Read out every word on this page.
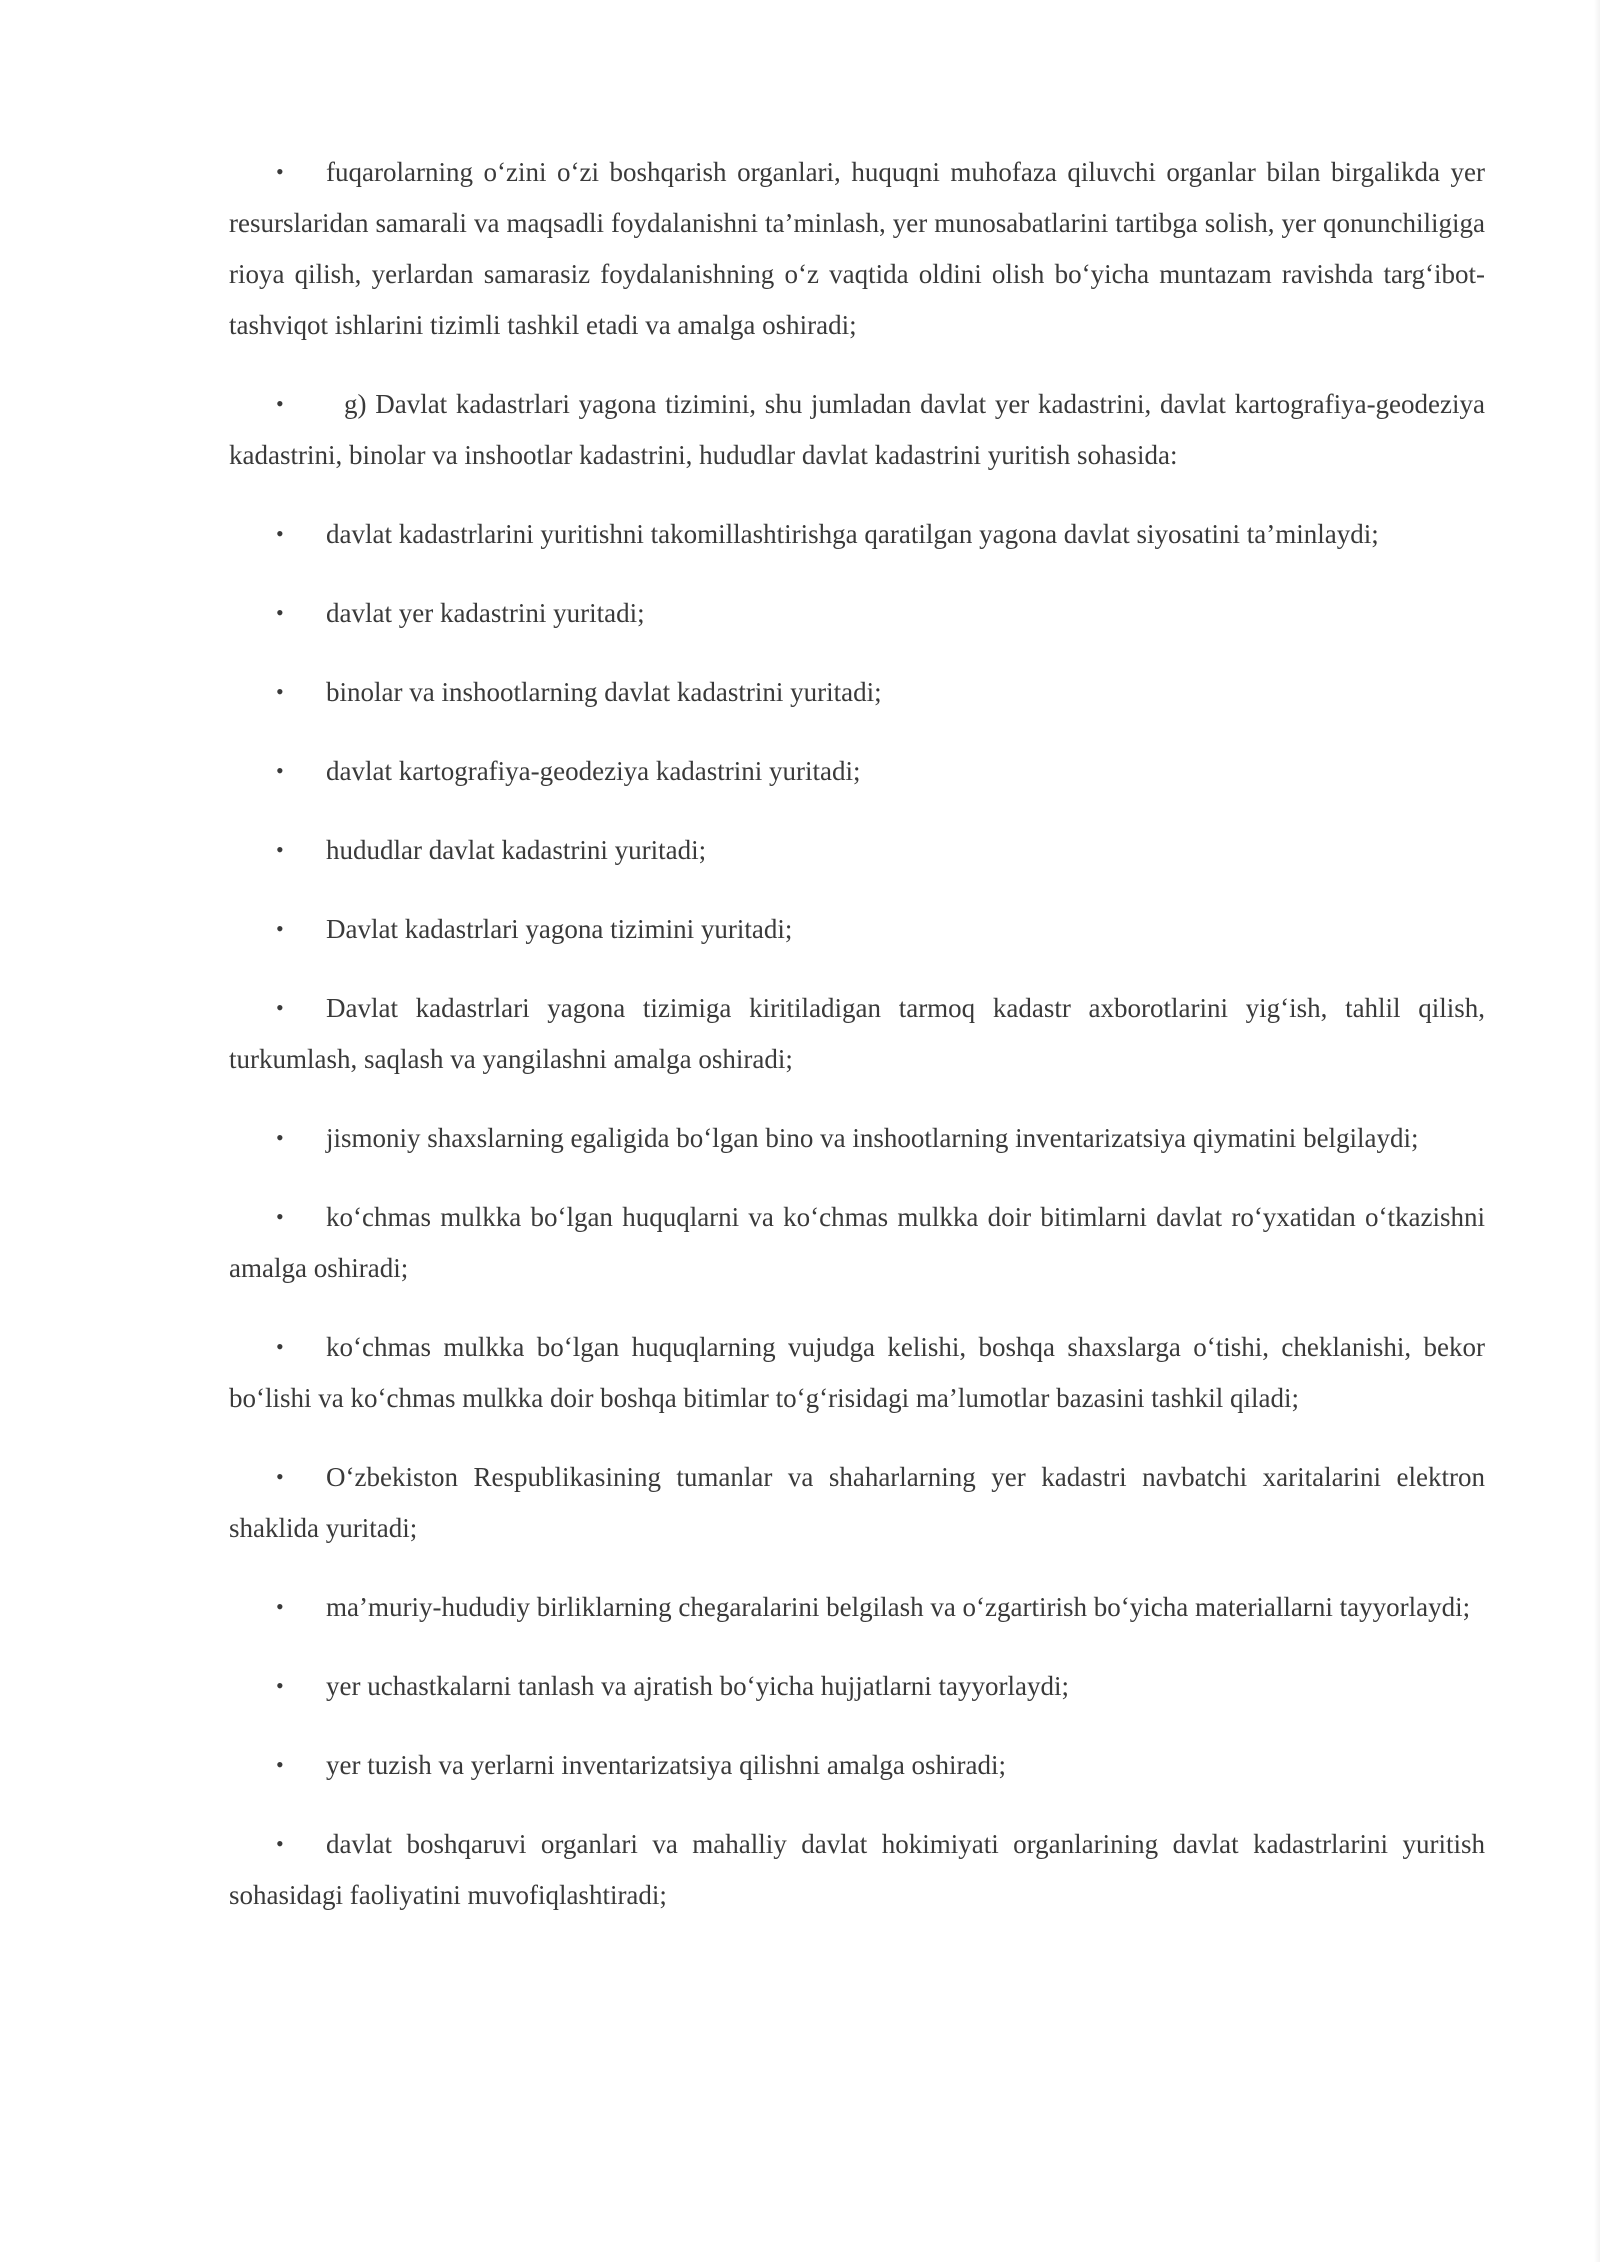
• fuqarolarning o‘zini o‘zi boshqarish organlari, huquqni muhofaza qiluvchi organlar bilan birgalikda yer resurslaridan samarali va maqsadli foydalanishni ta’minlash, yer munosabatlarini tartibga solish, yer qonunchiligiga rioya qilish, yerlardan samarasiz foydalanishning o‘z vaqtida oldini olish bo‘yicha muntazam ravishda targ‘ibot-tashviqot ishlarini tizimli tashkil etadi va amalga oshiradi;

• g) Davlat kadastrlari yagona tizimini, shu jumladan davlat yer kadastrini, davlat kartografiya-geodeziya kadastrini, binolar va inshootlar kadastrini, hududlar davlat kadastrini yuritish sohasida:

• davlat kadastrlarini yuritishni takomillashtirishga qaratilgan yagona davlat siyosatini ta’minlaydi;

• davlat yer kadastrini yuritadi;

• binolar va inshootlarning davlat kadastrini yuritadi;

• davlat kartografiya-geodeziya kadastrini yuritadi;

• hududlar davlat kadastrini yuritadi;

• Davlat kadastrlari yagona tizimini yuritadi;

• Davlat kadastrlari yagona tizimiga kiritiladigan tarmoq kadastr axborotlarini yig‘ish, tahlil qilish, turkumlash, saqlash va yangilashni amalga oshiradi;

• jismoniy shaxslarning egaligida bo‘lgan bino va inshootlarning inventarizatsiya qiymatini belgilaydi;

• ko‘chmas mulkka bo‘lgan huquqlarni va ko‘chmas mulkka doir bitimlarni davlat ro‘yxatidan o‘tkazishni amalga oshiradi;

• ko‘chmas mulkka bo‘lgan huquqlarning vujudga kelishi, boshqa shaxslarga o‘tishi, cheklanishi, bekor bo‘lishi va ko‘chmas mulkka doir boshqa bitimlar to‘g‘risidagi ma’lumotlar bazasini tashkil qiladi;

• O‘zbekiston Respublikasining tumanlar va shaharlarning yer kadastri navbatchi xaritalarini elektron shaklida yuritadi;

• ma’muriy-hududiy birliklarning chegaralarini belgilash va o‘zgartirish bo‘yicha materiallarni tayyorlaydi;

• yer uchastkalarni tanlash va ajratish bo‘yicha hujjatlarni tayyorlaydi;

• yer tuzish va yerlarni inventarizatsiya qilishni amalga oshiradi;

• davlat boshqaruvi organlari va mahalliy davlat hokimiyati organlarining davlat kadastrlarini yuritish sohasidagi faoliyatini muvofiqlashtiradi;
